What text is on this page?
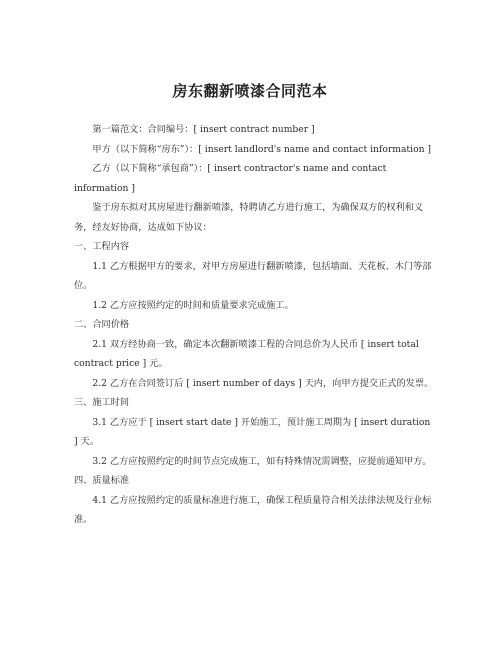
房东翻新喷漆合同范本

第一篇范文：合同编号：[ insert contract number ]

甲方（以下简称“房东”）：[ insert landlord's name and contact information ]

乙方（以下简称“承包商”）：[ insert contractor's name and contact information ]

鉴于房东拟对其房屋进行翻新喷漆，特聘请乙方进行施工，为确保双方的权利和义务，经友好协商，达成如下协议：

一、工程内容

1.1 乙方根据甲方的要求，对甲方房屋进行翻新喷漆，包括墙面、天花板、木门等部位。

1.2 乙方应按照约定的时间和质量要求完成施工。

二、合同价格

2.1 双方经协商一致，确定本次翻新喷漆工程的合同总价为人民币 [ insert total contract price ] 元。

2.2 乙方在合同签订后 [ insert number of days ] 天内，向甲方提交正式的发票。

三、施工时间

3.1 乙方应于 [ insert start date ] 开始施工，预计施工周期为 [ insert duration ] 天。

3.2 乙方应按照约定的时间节点完成施工，如有特殊情况需调整，应提前通知甲方。

四、质量标准

4.1 乙方应按照约定的质量标准进行施工，确保工程质量符合相关法律法规及行业标准。
